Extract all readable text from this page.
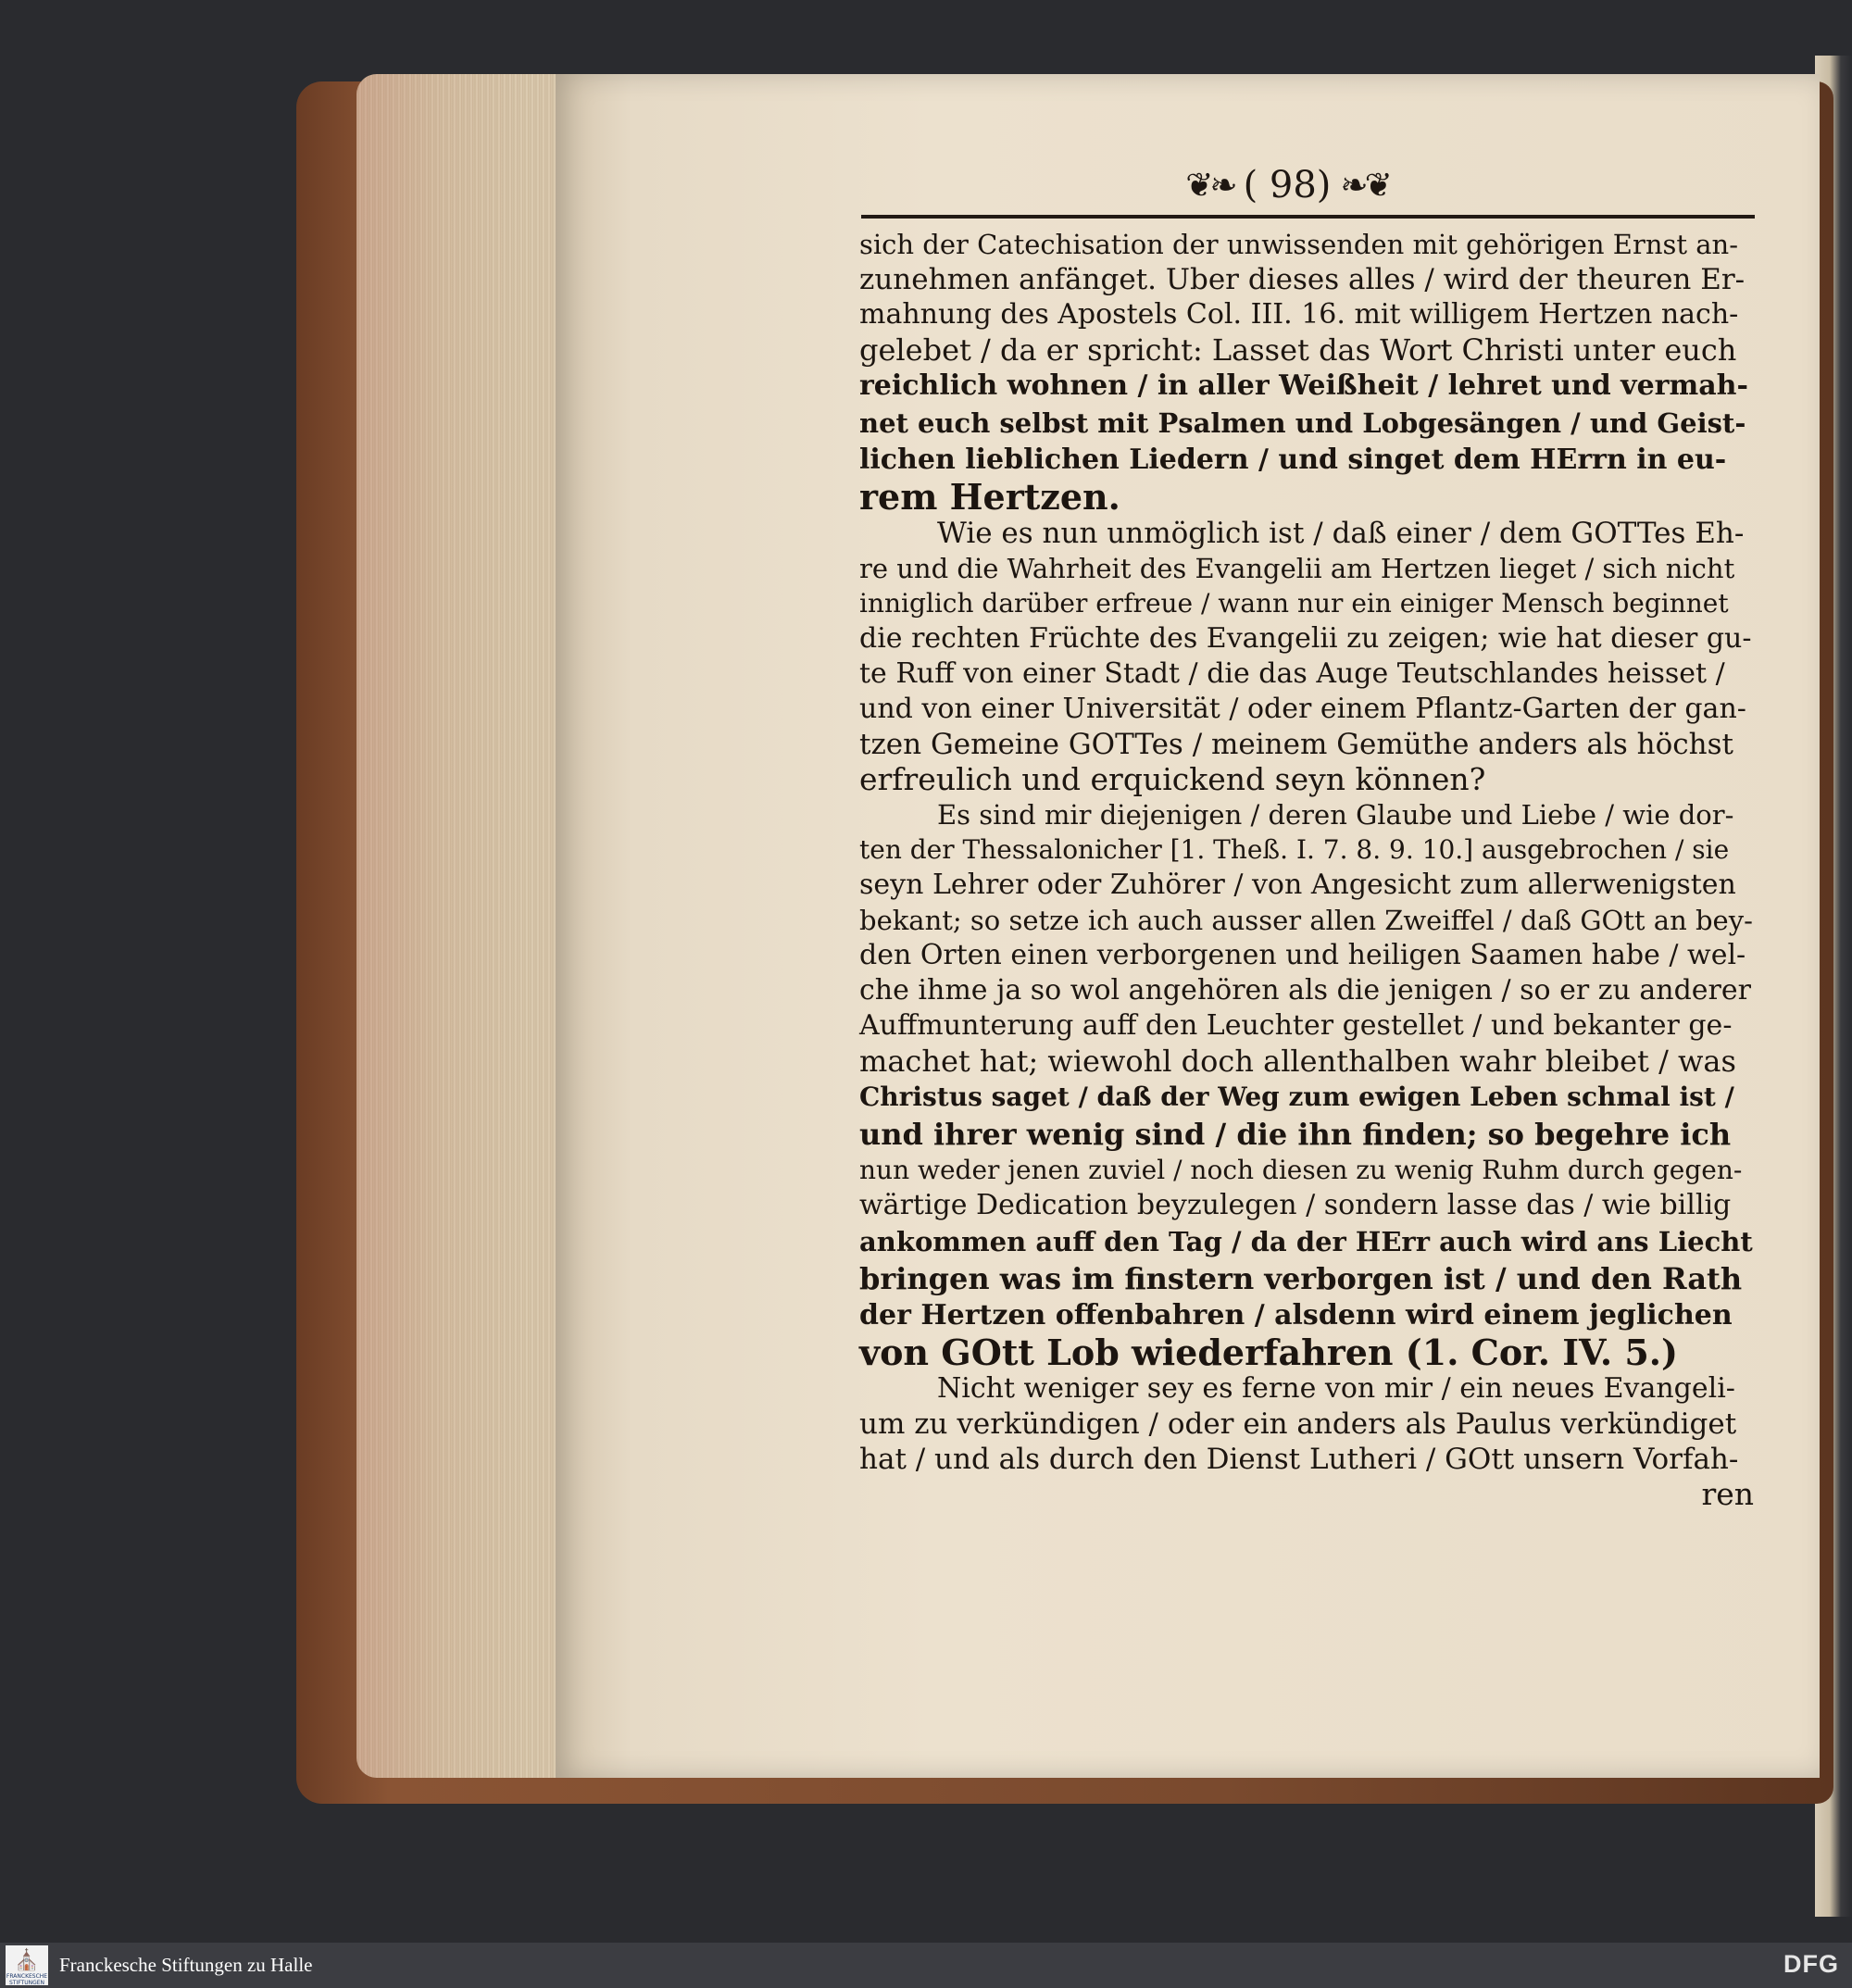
❦❧ ( 98) ❧❦
sich der Catechisation der unwissenden mit gehörigen Ernst an-
zunehmen anfänget. Uber dieses alles / wird der theuren Er-
mahnung des Apostels Col. III. 16. mit willigem Hertzen nach-
gelebet / da er spricht: Lasset das Wort Christi unter euch
reichlich wohnen / in aller Weißheit / lehret und vermah-
net euch selbst mit Psalmen und Lobgesängen / und Geist-
lichen lieblichen Liedern / und singet dem HErrn in eu-
rem Hertzen.
Wie es nun unmöglich ist / daß einer / dem GOTTes Eh-
re und die Wahrheit des Evangelii am Hertzen lieget / sich nicht
inniglich darüber erfreue / wann nur ein einiger Mensch beginnet
die rechten Früchte des Evangelii zu zeigen; wie hat dieser gu-
te Ruff von einer Stadt / die das Auge Teutschlandes heisset /
und von einer Universität / oder einem Pflantz-Garten der gan-
tzen Gemeine GOTTes / meinem Gemüthe anders als höchst
erfreulich und erquickend seyn können?
Es sind mir diejenigen / deren Glaube und Liebe / wie dor-
ten der Thessalonicher [1. Theß. I. 7. 8. 9. 10.] ausgebrochen / sie
seyn Lehrer oder Zuhörer / von Angesicht zum allerwenigsten
bekant; so setze ich auch ausser allen Zweiffel / daß GOtt an bey-
den Orten einen verborgenen und heiligen Saamen habe / wel-
che ihme ja so wol angehören als die jenigen / so er zu anderer
Auffmunterung auff den Leuchter gestellet / und bekanter ge-
machet hat; wiewohl doch allenthalben wahr bleibet / was
Christus saget / daß der Weg zum ewigen Leben schmal ist /
und ihrer wenig sind / die ihn finden; so begehre ich
nun weder jenen zuviel / noch diesen zu wenig Ruhm durch gegen-
wärtige Dedication beyzulegen / sondern lasse das / wie billig
ankommen auff den Tag / da der HErr auch wird ans Liecht
bringen was im finstern verborgen ist / und den Rath
der Hertzen offenbahren / alsdenn wird einem jeglichen
von GOtt Lob wiederfahren (1. Cor. IV. 5.)
Nicht weniger sey es ferne von mir / ein neues Evangeli-
um zu verkündigen / oder ein anders als Paulus verkündiget
hat / und als durch den Dienst Lutheri / GOtt unsern Vorfah-
ren
⛪
FRANCKESCHE STIFTUNGEN
Franckesche Stiftungen zu Halle	DFG
